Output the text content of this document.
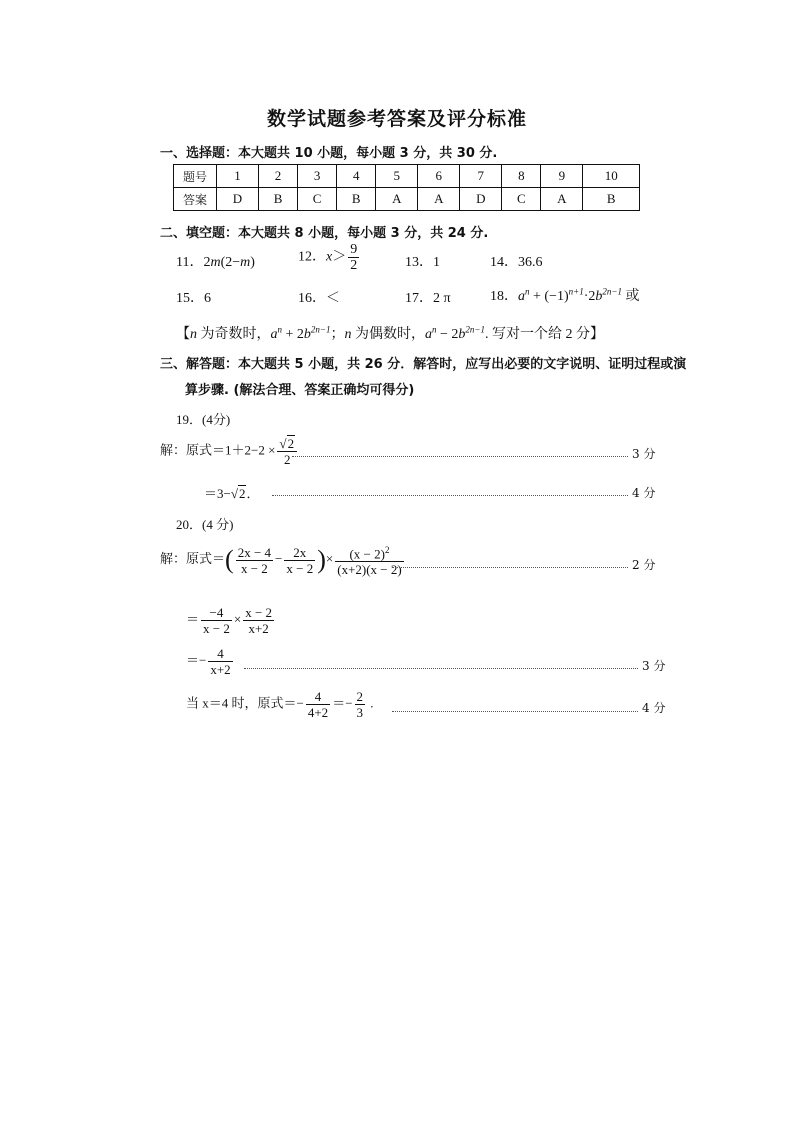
数学试题参考答案及评分标准
一、选择题：本大题共 10 小题，每小题 3 分，共 30 分.
题号	1	2	3	4	5	6	7	8	9	10
答案	D	B	C	B	A	A	D	C	A	B
二、填空题：本大题共 8 小题，每小题 3 分，共 24 分.
11．2m(2−m)	12．$x> \frac{9}{2}$	13．1	14．36.6
15．6	16．＜	17．2 π	18．$a^n + (-1)^{n+1}\cdot 2b^{2n-1}$ 或
【n 为奇数时，$a^n + 2b^{2n-1}$；n 为偶数时，$a^n - 2b^{2n-1}$. 写对一个给 2 分】
三、解答题：本大题共 5 小题，共 26 分．解答时，应写出必要的文字说明、证明过程或演
算步骤. (解法合理、答案正确均可得分)
19．(4分)
解：原式$=1+2-2 \times \frac{√2}{2}$	3 分
＝3−√2．	4 分
20．(4 分)
解：原式＝( $\frac{2x - 4}{x - 2} - \frac{2x}{x - 2}$ )× $\frac{(x - 2)^2}{(x+2)(x - 2)}$	2 分
＝ $\frac{-4}{x - 2} \times \frac{x - 2}{x+2}$
＝− $\frac{4}{x+2}$	3 分
当 x＝4 时，原式＝− $\frac{4}{4+2} =- \frac{2}{3}$ .	4 分
